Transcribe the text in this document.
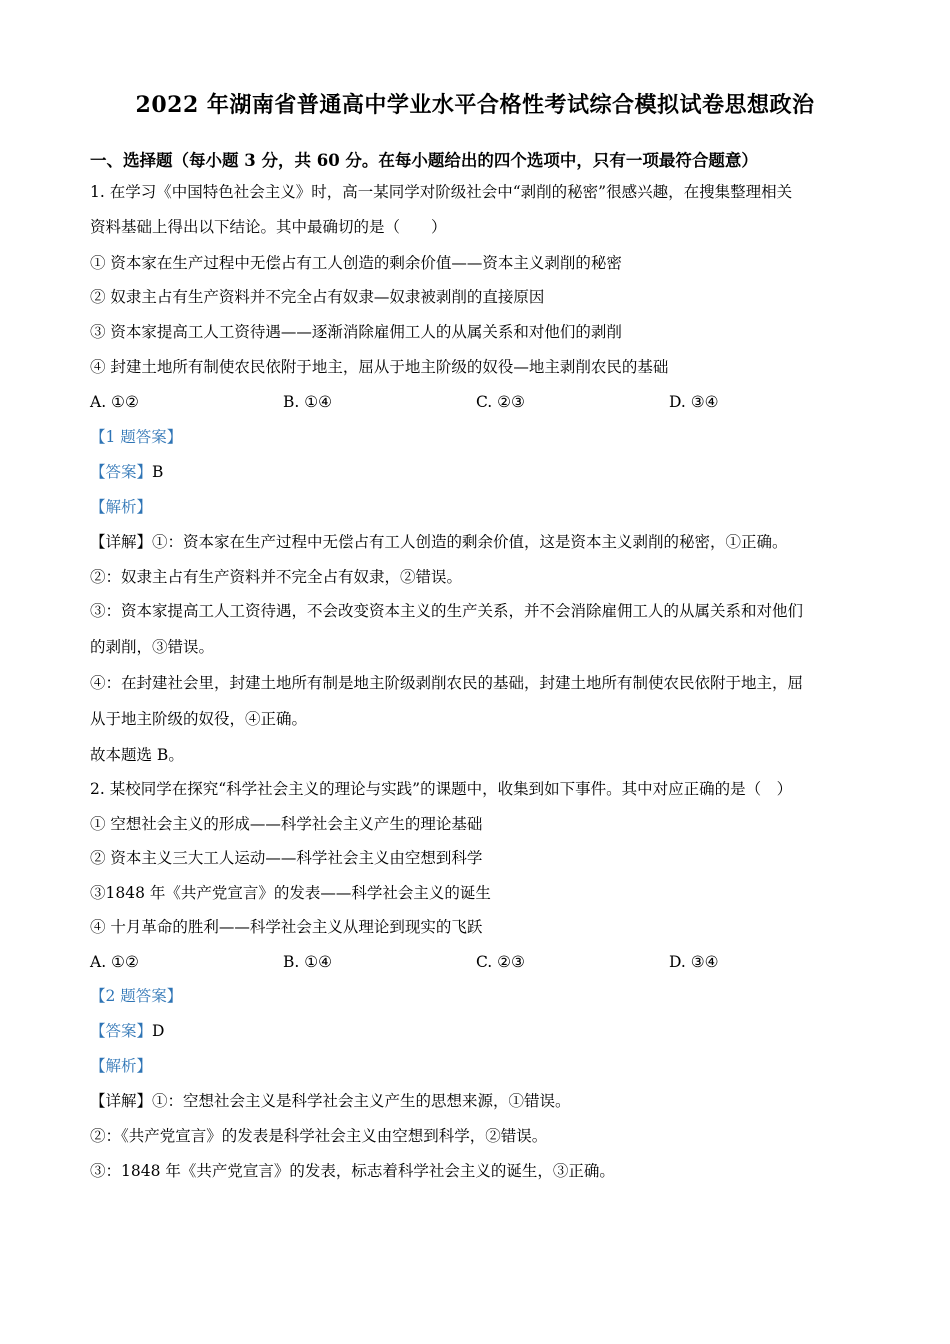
2022 年湖南省普通高中学业水平合格性考试综合模拟试卷思想政治
一、选择题（每小题 3 分，共 60 分。在每小题给出的四个选项中，只有一项最符合题意）
1. 在学习《中国特色社会主义》时，高一某同学对阶级社会中“剥削的秘密”很感兴趣，在搜集整理相关
资料基础上得出以下结论。其中最确切的是（　　）
① 资本家在生产过程中无偿占有工人创造的剩余价值——资本主义剥削的秘密
② 奴隶主占有生产资料并不完全占有奴隶—奴隶被剥削的直接原因
③ 资本家提高工人工资待遇——逐渐消除雇佣工人的从属关系和对他们的剥削
④ 封建土地所有制使农民依附于地主，屈从于地主阶级的奴役—地主剥削农民的基础
A. ①②	B. ①④	C. ②③	D. ③④
【1 题答案】
【答案】B
【解析】
【详解】①：资本家在生产过程中无偿占有工人创造的剩余价值，这是资本主义剥削的秘密，①正确。
②：奴隶主占有生产资料并不完全占有奴隶，②错误。
③：资本家提高工人工资待遇，不会改变资本主义的生产关系，并不会消除雇佣工人的从属关系和对他们
的剥削，③错误。
④：在封建社会里，封建土地所有制是地主阶级剥削农民的基础，封建土地所有制使农民依附于地主，屈
从于地主阶级的奴役，④正确。
故本题选 B。
2. 某校同学在探究“科学社会主义的理论与实践”的课题中，收集到如下事件。其中对应正确的是（　）
① 空想社会主义的形成——科学社会主义产生的理论基础
② 资本主义三大工人运动——科学社会主义由空想到科学
③1848 年《共产党宣言》的发表——科学社会主义的诞生
④ 十月革命的胜利——科学社会主义从理论到现实的飞跃
A. ①②	B. ①④	C. ②③	D. ③④
【2 题答案】
【答案】D
【解析】
【详解】①：空想社会主义是科学社会主义产生的思想来源，①错误。
②：《共产党宣言》的发表是科学社会主义由空想到科学，②错误。
③：1848 年《共产党宣言》的发表，标志着科学社会主义的诞生，③正确。
